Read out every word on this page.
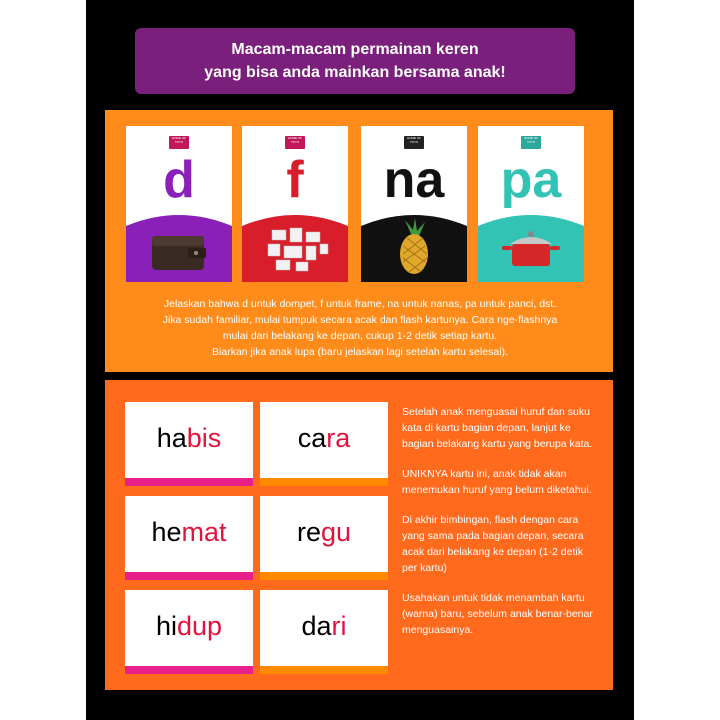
Macam-macam permainan keren
yang bisa anda mainkan bersama anak!
HOME OF TOYS
d
HOME OF TOYS
f
HOME OF TOYS
na
HOME OF TOYS
pa
Jelaskan bahwa d untuk dompet, f untuk frame, na untuk nanas, pa untuk panci, dst.
Jika sudah familiar, mulai tumpuk secara acak dan flash kartunya. Cara nge-flashnya
mulai dari belakang ke depan, cukup 1-2 detik setiap kartu.
Biarkan jika anak lupa (baru jelaskan lagi setelah kartu selesai).
habis	cara
hemat	regu
hidup	dari

Setelah anak menguasai huruf dan suku kata di kartu bagian depan, lanjut ke bagian belakang kartu yang berupa kata.

UNIKNYA kartu ini, anak tidak akan menemukan huruf yang belum diketahui.

Di akhir bimbingan, flash dengan cara yang sama pada bagian depan, secara acak dari belakang ke depan (1-2 detik per kartu)

Usahakan untuk tidak menambah kartu (warna) baru, sebelum anak benar-benar menguasainya.
